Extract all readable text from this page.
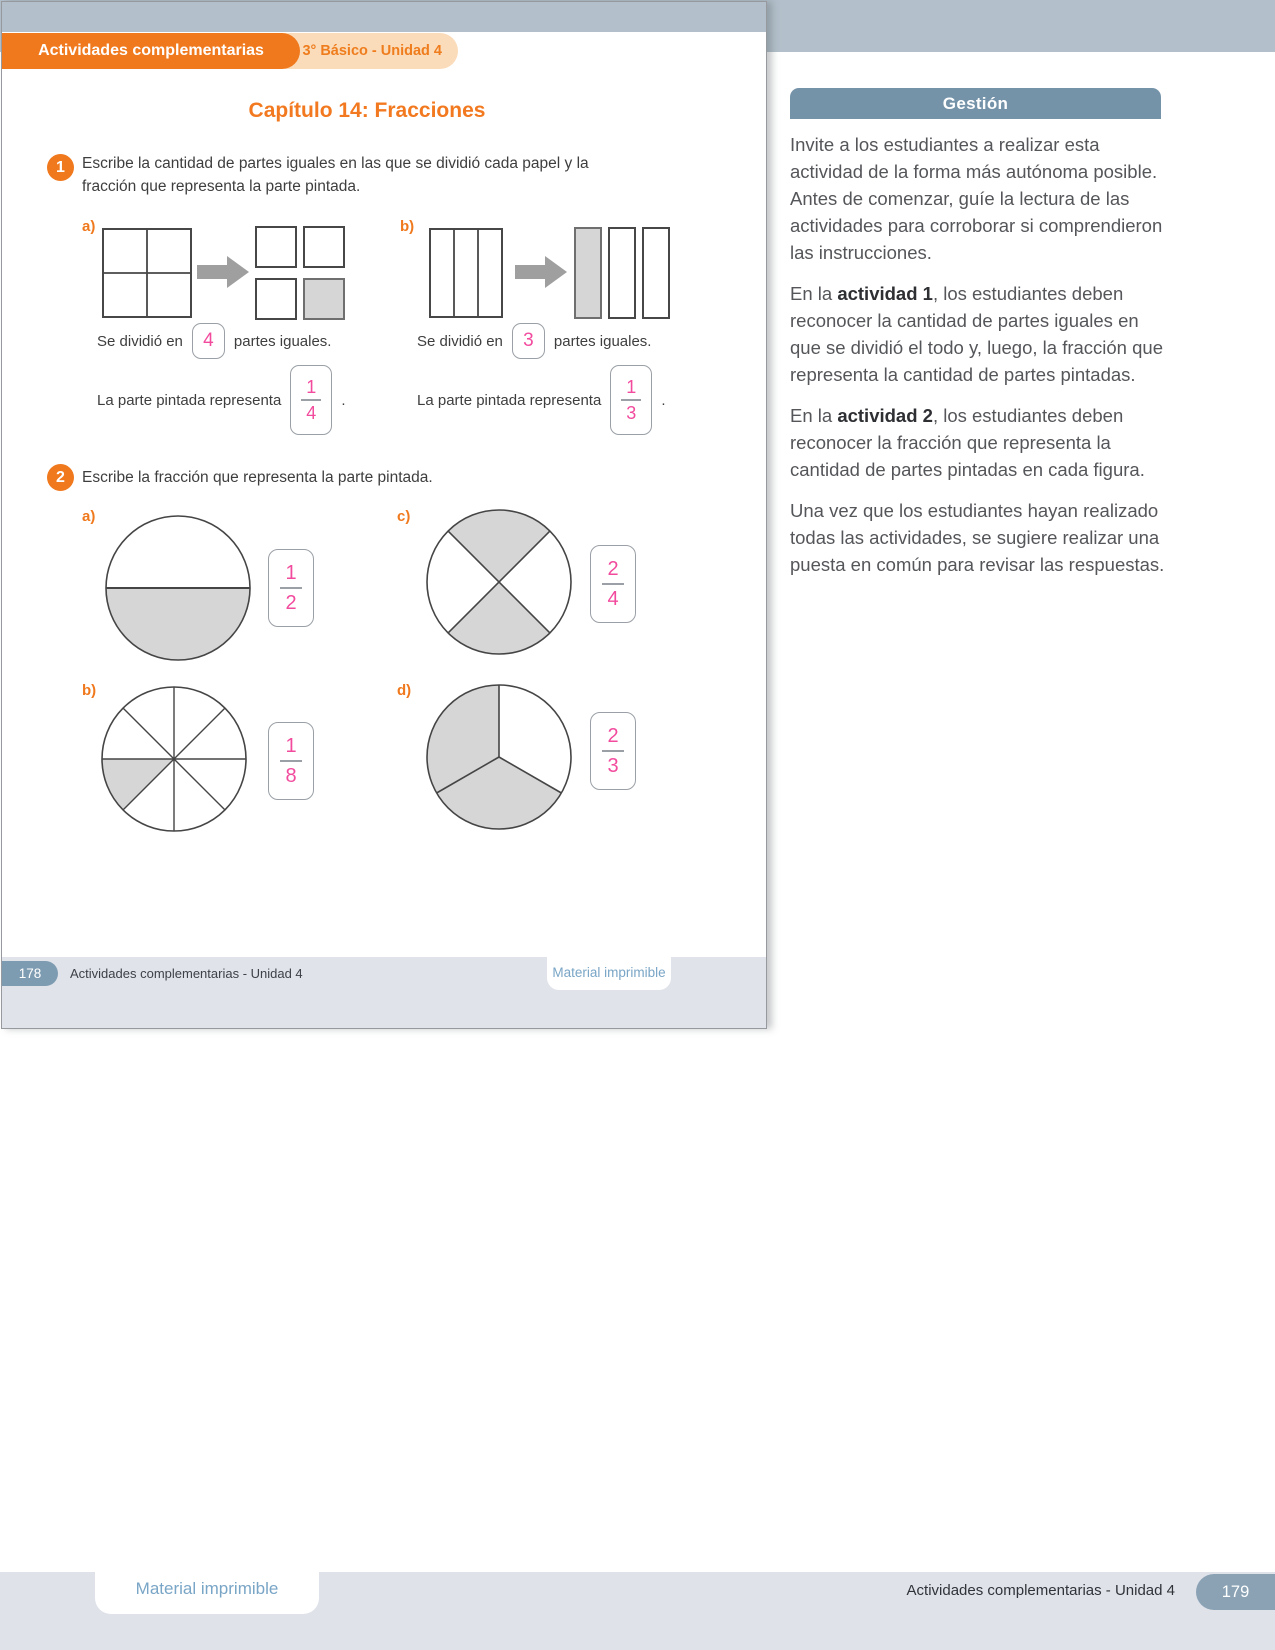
3° Básico - Unidad 4
Actividades complementarias
Capítulo 14: Fracciones
1	Escribe la cantidad de partes iguales en las que se dividió cada papel y la fracción que representa la parte pintada.
a)	b)
Se dividió en 4 partes iguales.
La parte pintada representa $\frac{1}{4}$ .
Se dividió en 3 partes iguales.
La parte pintada representa $\frac{1}{3}$ .
2	Escribe la fracción que representa la parte pintada.
a)
1
2
c)
2
4
b)
1
8
d)
2
3
178	Actividades complementarias - Unidad 4	Material imprimible
Gestión

Invite a los estudiantes a realizar esta actividad de la forma más autónoma posible. Antes de comenzar, guíe la lectura de las actividades para corroborar si comprendieron las instrucciones.

En la actividad 1, los estudiantes deben reconocer la cantidad de partes iguales en que se dividió el todo y, luego, la fracción que representa la cantidad de partes pintadas.

En la actividad 2, los estudiantes deben reconocer la fracción que representa la cantidad de partes pintadas en cada figura.

Una vez que los estudiantes hayan realizado todas las actividades, se sugiere realizar una puesta en común para revisar las respuestas.

Material imprimible	Actividades complementarias - Unidad 4	179
